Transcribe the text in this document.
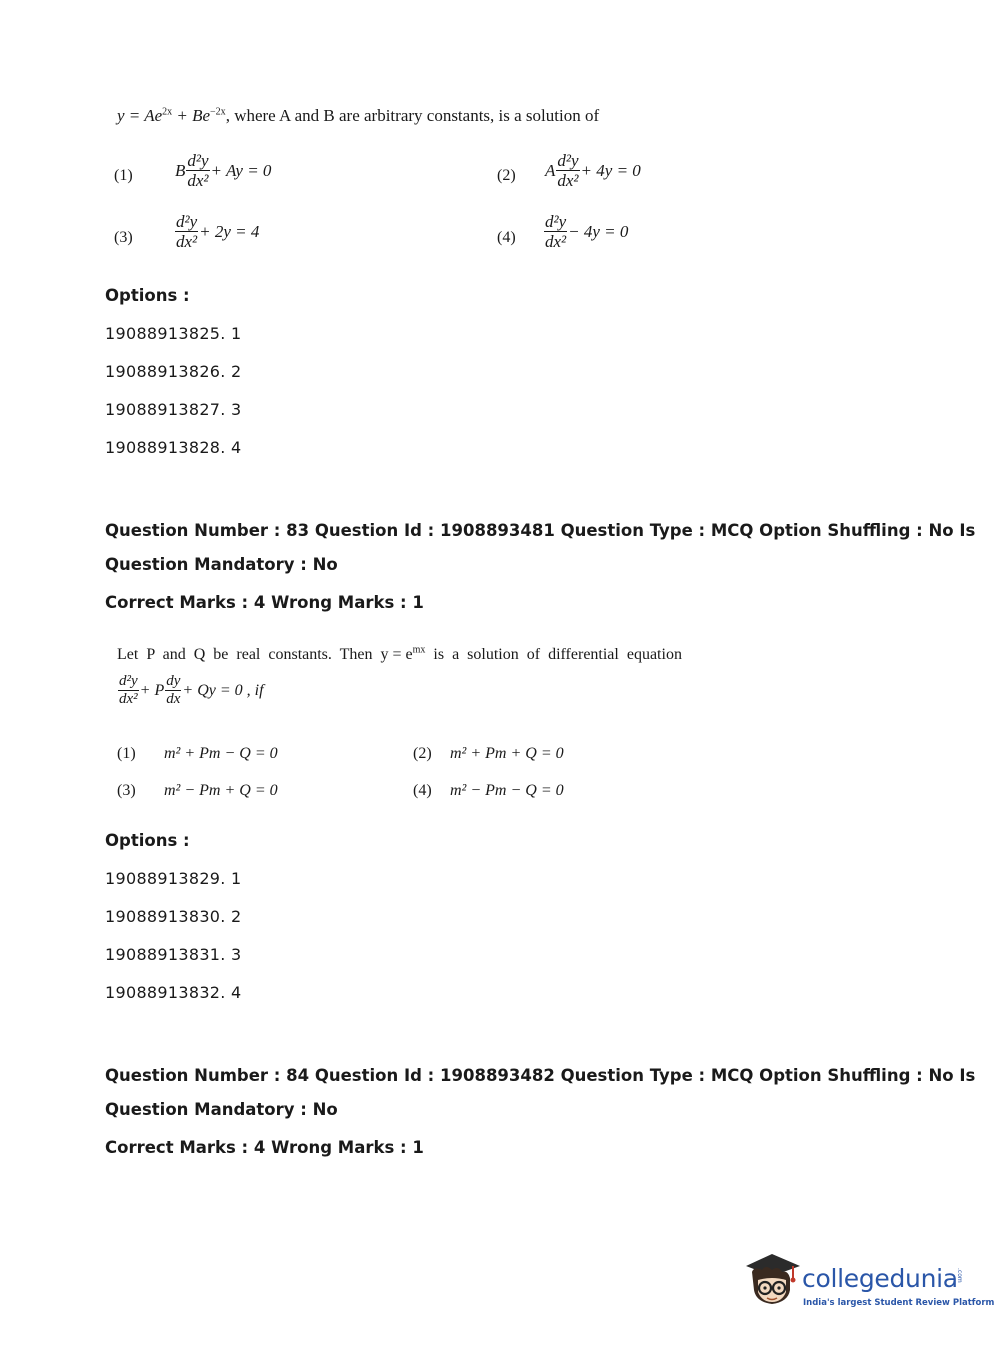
$y = Ae^{2x} + Be^{-2x}$, where A and B are arbitrary constants, is a solution of
(1) B $\frac{\text{d²y}}{\text{dx²}} + Ay = 0$	(2) A $\frac{\text{d²y}}{\text{dx²}} + 4y = 0$
$(3) \frac{\text{d²y}}{\text{dx²}} + 2y = 4$	$(4) \frac{\text{d²y}}{\text{dx²}} - 4y = 0$
Options :
19088913825. 1
19088913826. 2
19088913827. 3
19088913828. 4
Question Number : 83 Question Id : 1908893481 Question Type : MCQ Option Shuffling : No Is
Question Mandatory : No
Correct Marks : 4 Wrong Marks : 1
Let  P  and  Q  be  real  constants.  Then  $y = e^{mx}$  is  a  solution  of  differential  equation
$\frac{\text{d²y}}{\text{dx²}} + P \frac{dy}{dx} + Qy = 0$ , if
(1) m² + Pm − Q = 0	(2) m² + Pm + Q = 0
(3) m² − Pm + Q = 0	(4) m² − Pm − Q = 0
Options :
19088913829. 1
19088913830. 2
19088913831. 3
19088913832. 4
Question Number : 84 Question Id : 1908893482 Question Type : MCQ Option Shuffling : No Is
Question Mandatory : No
Correct Marks : 4 Wrong Marks : 1
collegedunia
.com
India's largest Student Review Platform
